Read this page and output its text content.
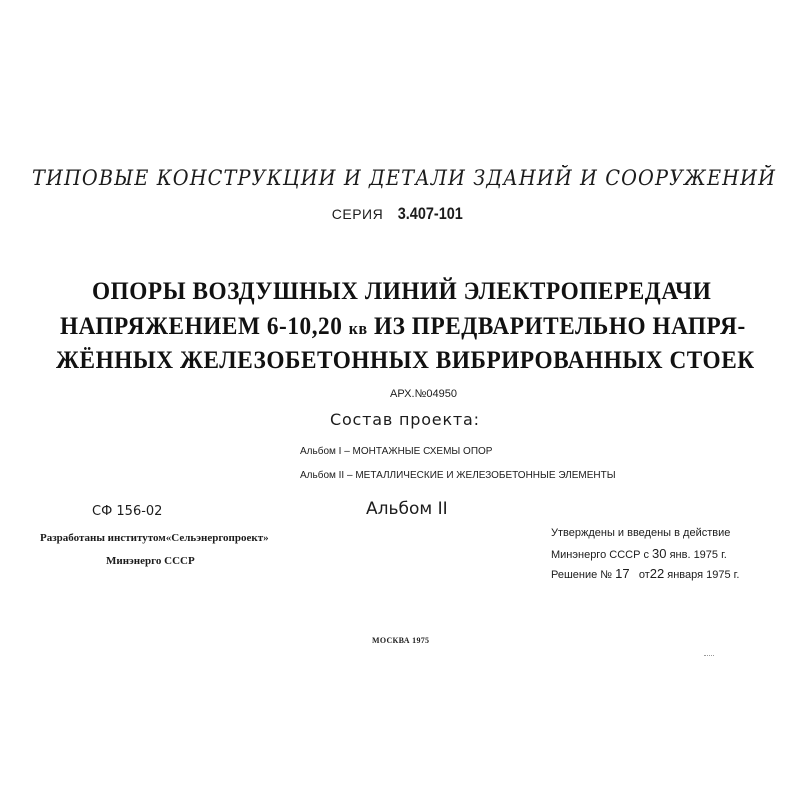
ТИПОВЫЕ КОНСТРУКЦИИ И ДЕТАЛИ ЗДАНИЙ И СООРУЖЕНИЙ
СЕРИЯ 3.407-101
ОПОРЫ ВОЗДУШНЫХ ЛИНИЙ ЭЛЕКТРОПЕРЕДАЧИ
НАПРЯЖЕНИЕМ 6-10,20 кв ИЗ ПРЕДВАРИТЕЛЬНО НАПРЯ-
ЖЁННЫХ ЖЕЛЕЗОБЕТОННЫХ ВИБРИРОВАННЫХ СТОЕК
АРХ.№04950
Состав проекта:
Альбом I – МОНТАЖНЫЕ СХЕМЫ ОПОР
Альбом II – МЕТАЛЛИЧЕСКИЕ И ЖЕЛЕЗОБЕТОННЫЕ ЭЛЕМЕНТЫ
СФ 156-02	Альбом II
Разработаны институтом«Сельэнергопроект»
Минэнерго СССР
Утверждены и введены в действие
Минэнерго СССР с 30 янв. 1975 г.
Решение № 17 от22 января 1975 г.
МОСКВА 1975
